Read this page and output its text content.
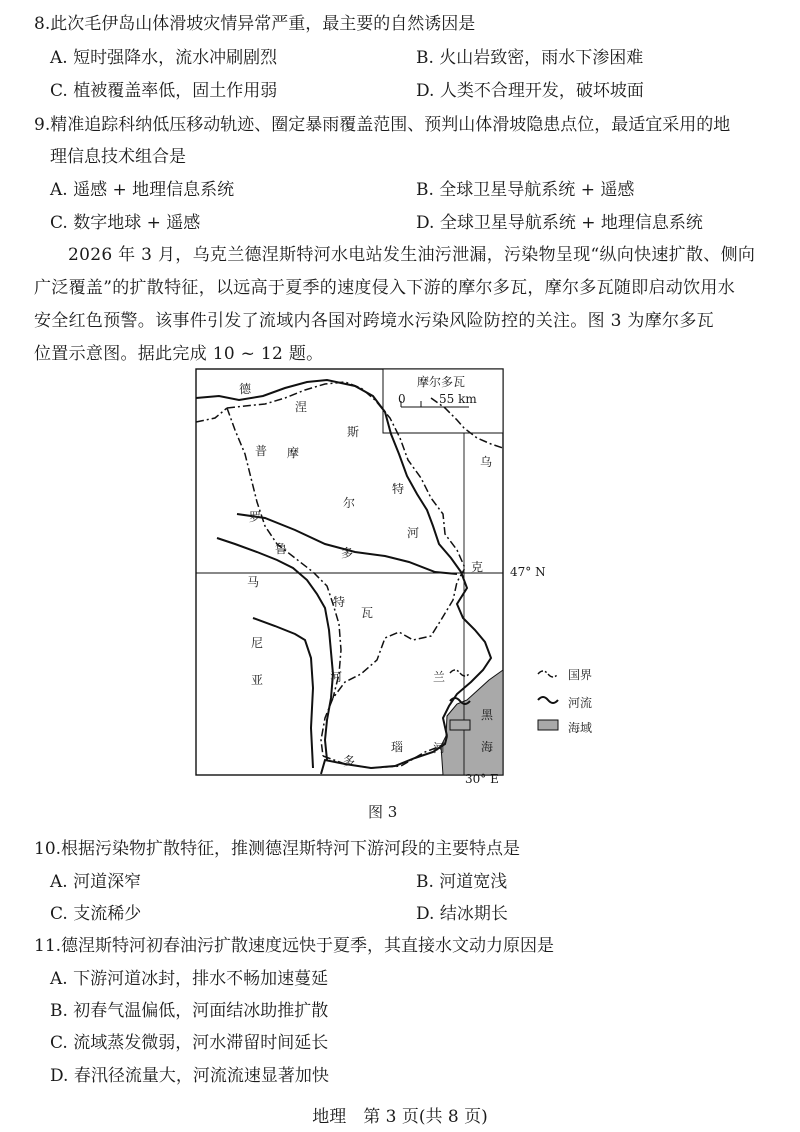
8.此次毛伊岛山体滑坡灾情异常严重，最主要的自然诱因是
A. 短时强降水，流水冲刷剧烈	B. 火山岩致密，雨水下渗困难
C. 植被覆盖率低，固土作用弱	D. 人类不合理开发，破坏坡面
9.精准追踪科纳低压移动轨迹、圈定暴雨覆盖范围、预判山体滑坡隐患点位，最适宜采用的地
理信息技术组合是
A. 遥感 + 地理信息系统	B. 全球卫星导航系统 + 遥感
C. 数字地球 + 遥感	D. 全球卫星导航系统 + 地理信息系统
2026 年 3 月，乌克兰德涅斯特河水电站发生油污泄漏，污染物呈现“纵向快速扩散、侧向
广泛覆盖”的扩散特征，以远高于夏季的速度侵入下游的摩尔多瓦，摩尔多瓦随即启动饮用水
安全红色预警。该事件引发了流域内各国对跨境水污染风险防控的关注。图 3 为摩尔多瓦
位置示意图。据此完成 10 ~ 12 题。
摩尔多瓦
0	55 km
德
涅
斯
特
河
普 摩
尔
罗
鲁	多
马
特
瓦
尼
亚	河
乌
克
兰
黑
海
多
瑙 河
47° N
30° E
国界
河流
海域
图 3
10.根据污染物扩散特征，推测德涅斯特河下游河段的主要特点是
A. 河道深窄	B. 河道宽浅
C. 支流稀少	D. 结冰期长
11.德涅斯特河初春油污扩散速度远快于夏季，其直接水文动力原因是
A. 下游河道冰封，排水不畅加速蔓延
B. 初春气温偏低，河面结冰助推扩散
C. 流域蒸发微弱，河水滞留时间延长
D. 春汛径流量大，河流流速显著加快
地理　第 3 页(共 8 页)
